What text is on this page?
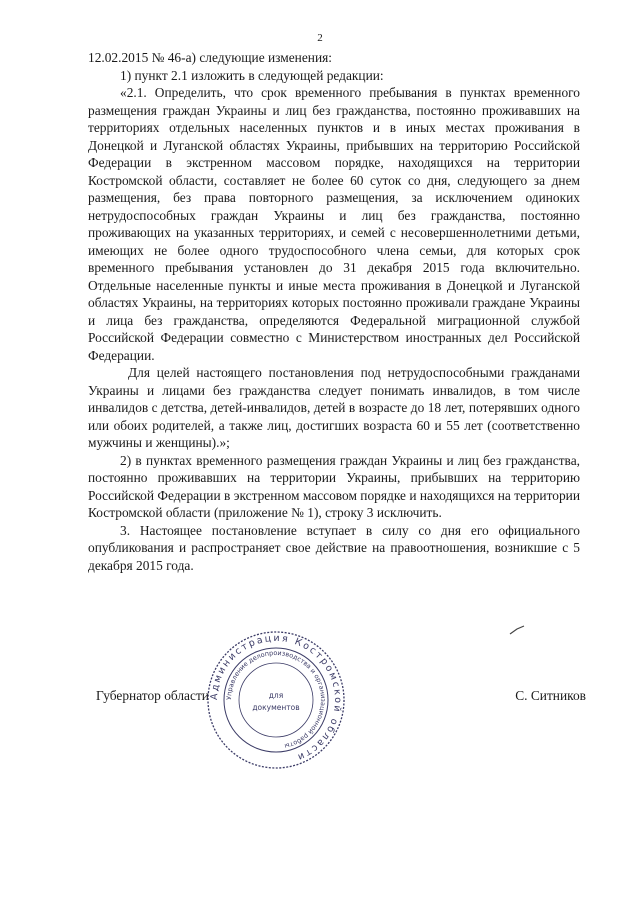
2

12.02.2015 № 46-а) следующие изменения:

1) пункт 2.1 изложить в следующей редакции:

«2.1. Определить, что срок временного пребывания в пунктах временного размещения граждан Украины и лиц без гражданства, постоянно проживавших на территориях отдельных населенных пунктов и в иных местах проживания в Донецкой и Луганской областях Украины, прибывших на территорию Российской Федерации в экстренном массовом порядке, находящихся на территории Костромской области, составляет не более 60 суток со дня, следующего за днем размещения, без права повторного размещения, за исключением одиноких нетрудоспособных граждан Украины и лиц без гражданства, постоянно проживающих на указанных территориях, и семей с несовершеннолетними детьми, имеющих не более одного трудоспособного члена семьи, для которых срок временного пребывания установлен до 31 декабря 2015 года включительно. Отдельные населенные пункты и иные места проживания в Донецкой и Луганской областях Украины, на территориях которых постоянно проживали граждане Украины и лица без гражданства, определяются Федеральной миграционной службой Российской Федерации совместно с Министерством иностранных дел Российской Федерации.

Для целей настоящего постановления под нетрудоспособными гражданами Украины и лицами без гражданства следует понимать инвалидов, в том числе инвалидов с детства, детей-инвалидов, детей в возрасте до 18 лет, потерявших одного или обоих родителей, а также лиц, достигших возраста 60 и 55 лет (соответственно мужчины и женщины).»;

2) в пунктах временного размещения граждан Украины и лиц без гражданства, постоянно проживавших на территории Украины, прибывших на территорию Российской Федерации в экстренном массовом порядке и находящихся на территории Костромской области (приложение № 1), строку 3 исключить.

3. Настоящее постановление вступает в силу со дня его официального опубликования и распространяет свое действие на правоотношения, возникшие с 5 декабря 2015 года.

Губернатор области	С. Ситников
Администрация Костромской области
Управление делопроизводства и организационной работы
для
документов
